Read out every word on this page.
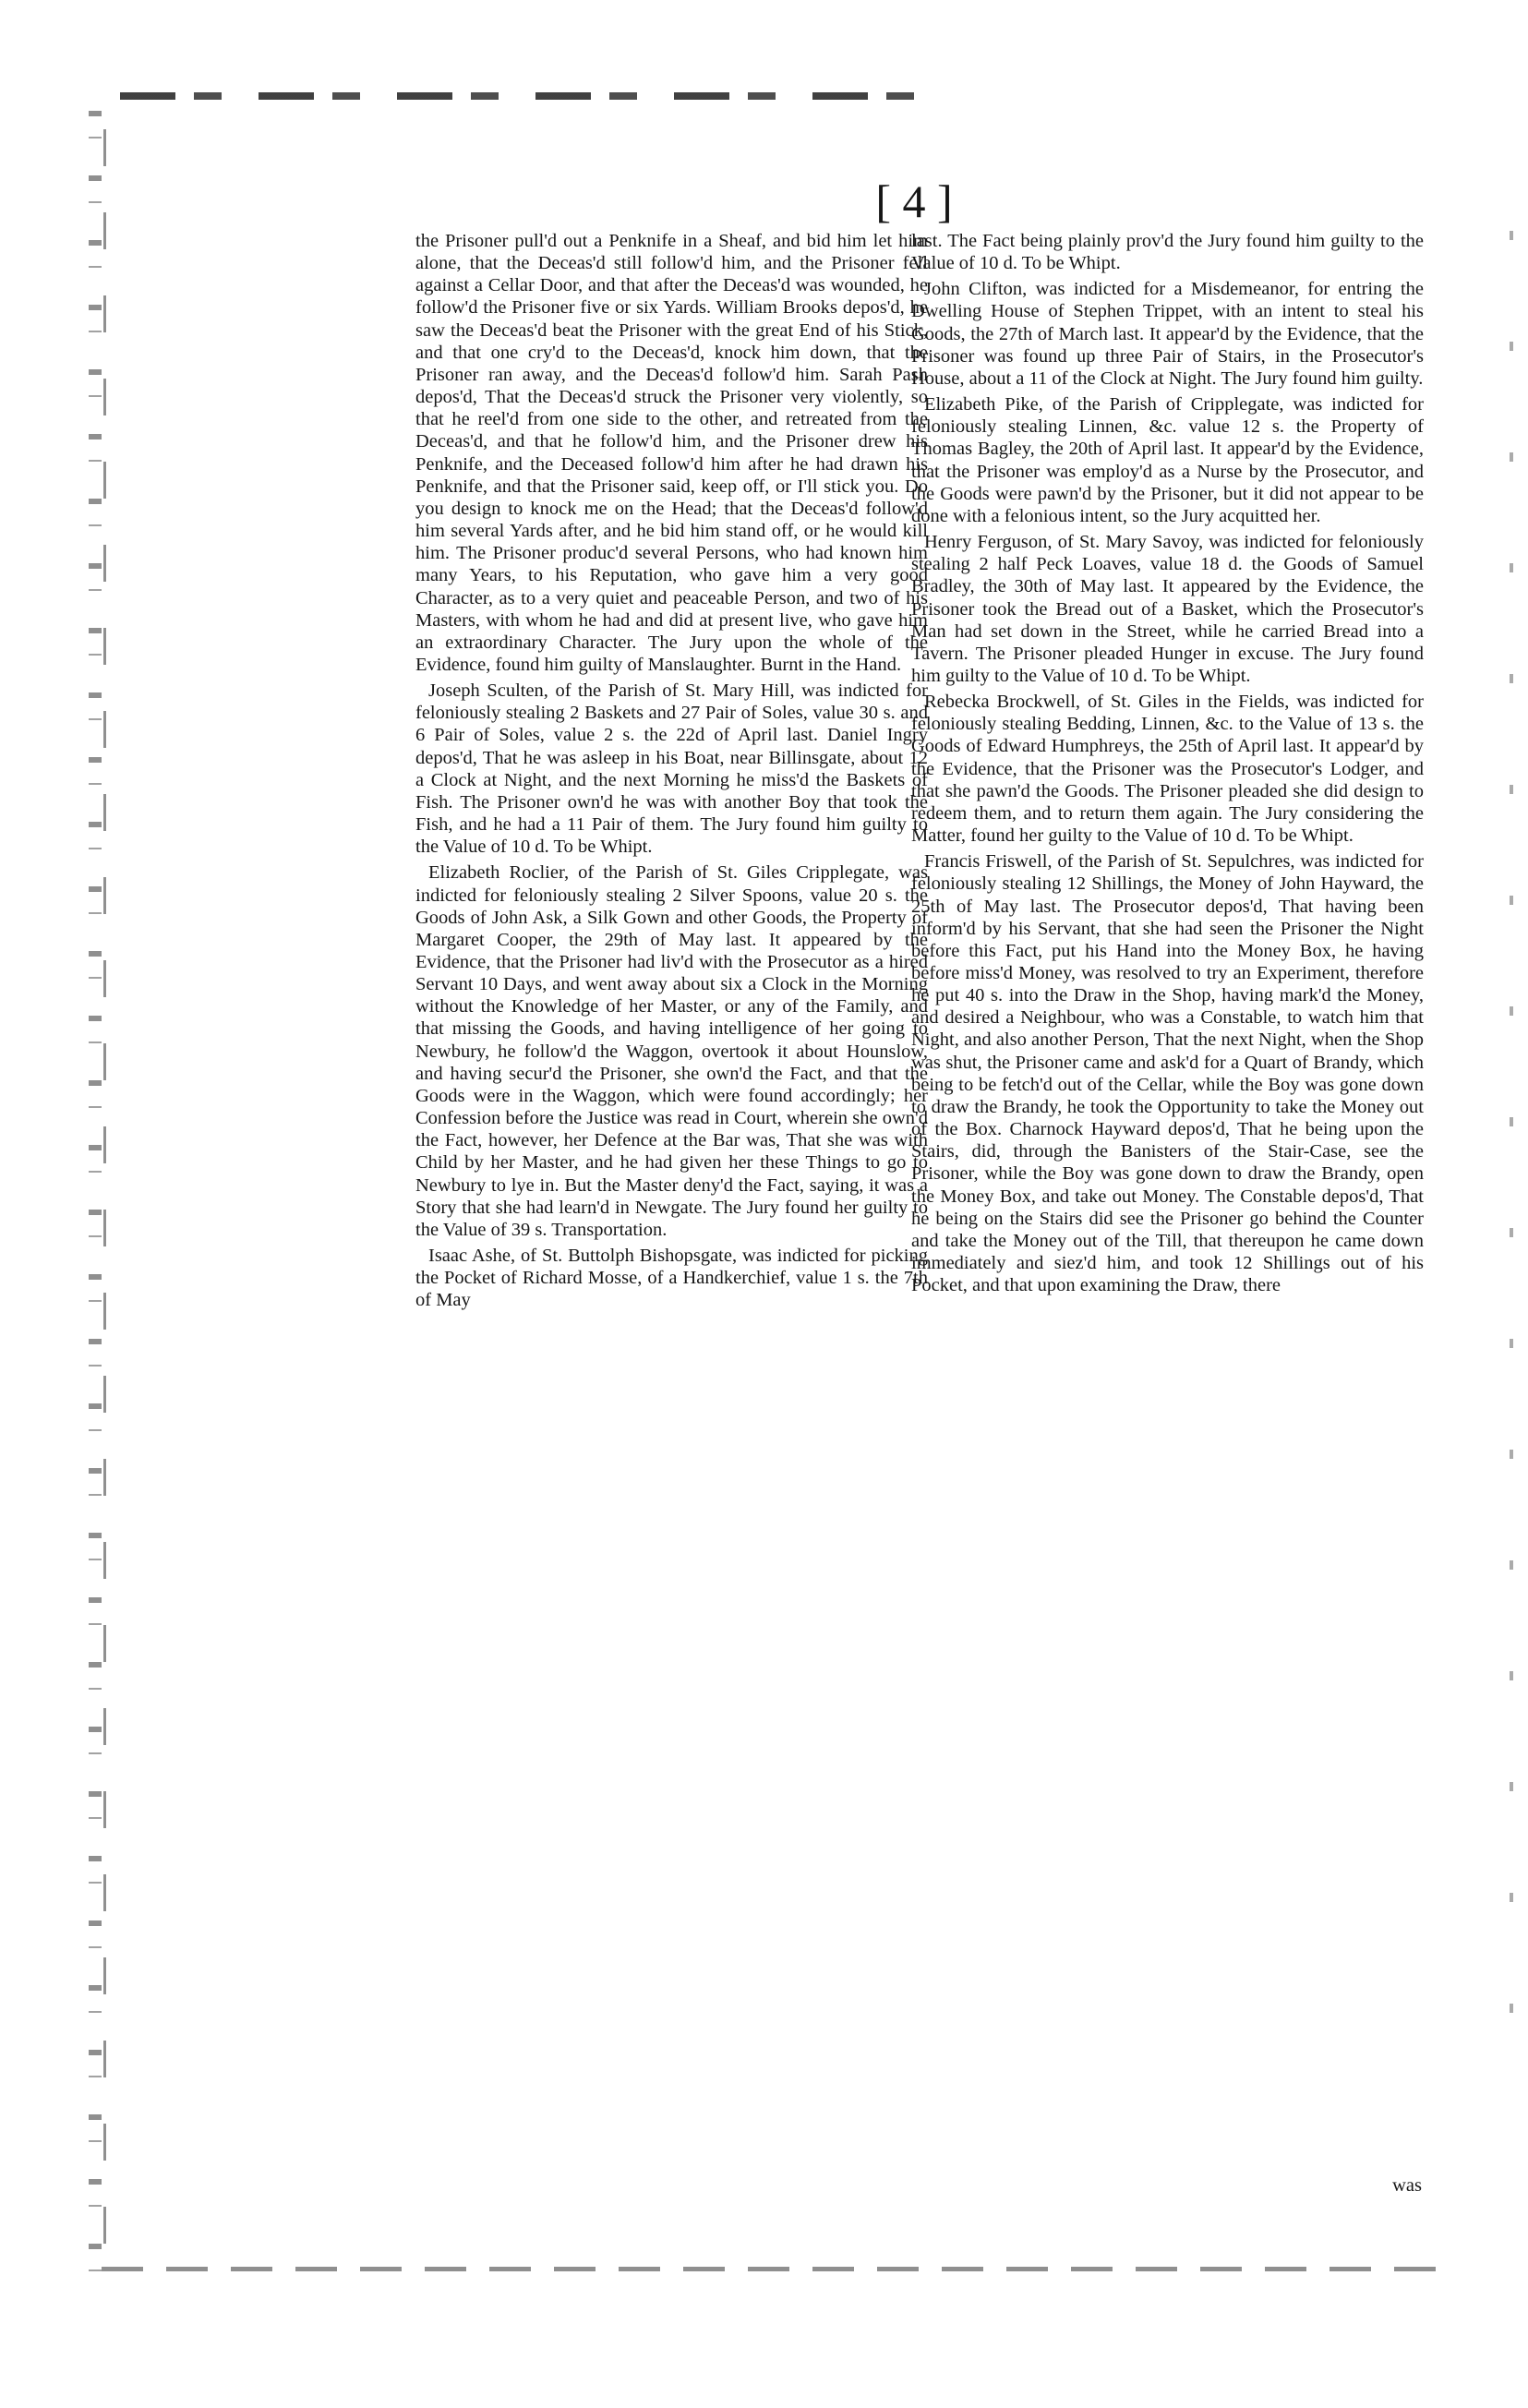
[ 4 ]

the Prisoner pull'd out a Penknife in a Sheaf, and bid him let him alone, that the Deceas'd still follow'd him, and the Prisoner fell against a Cellar Door, and that after the Deceas'd was wounded, he follow'd the Prisoner five or six Yards. William Brooks depos'd, he saw the Deceas'd beat the Prisoner with the great End of his Stick, and that one cry'd to the Deceas'd, knock him down, that the Prisoner ran away, and the Deceas'd follow'd him. Sarah Pash depos'd, That the Deceas'd struck the Prisoner very violently, so that he reel'd from one side to the other, and retreated from the Deceas'd, and that he follow'd him, and the Prisoner drew his Penknife, and the Deceased follow'd him after he had drawn his Penknife, and that the Prisoner said, keep off, or I'll stick you. Do you design to knock me on the Head; that the Deceas'd follow'd him several Yards after, and he bid him stand off, or he would kill him. The Prisoner produc'd several Persons, who had known him many Years, to his Reputation, who gave him a very good Character, as to a very quiet and peaceable Person, and two of his Masters, with whom he had and did at present live, who gave him an extraordinary Character. The Jury upon the whole of the Evidence, found him guilty of Manslaughter. Burnt in the Hand.

Joseph Sculten, of the Parish of St. Mary Hill, was indicted for feloniously stealing 2 Baskets and 27 Pair of Soles, value 30 s. and 6 Pair of Soles, value 2 s. the 22d of April last. Daniel Ingry depos'd, That he was asleep in his Boat, near Billinsgate, about 12 a Clock at Night, and the next Morning he miss'd the Baskets of Fish. The Prisoner own'd he was with another Boy that took the Fish, and he had a 11 Pair of them. The Jury found him guilty to the Value of 10 d. To be Whipt.

Elizabeth Roclier, of the Parish of St. Giles Cripplegate, was indicted for feloniously stealing 2 Silver Spoons, value 20 s. the Goods of John Ask, a Silk Gown and other Goods, the Property of Margaret Cooper, the 29th of May last. It appeared by the Evidence, that the Prisoner had liv'd with the Prosecutor as a hired Servant 10 Days, and went away about six a Clock in the Morning without the Knowledge of her Master, or any of the Family, and that missing the Goods, and having intelligence of her going to Newbury, he follow'd the Waggon, overtook it about Hounslow, and having secur'd the Prisoner, she own'd the Fact, and that the Goods were in the Waggon, which were found accordingly; her Confession before the Justice was read in Court, wherein she own'd the Fact, however, her Defence at the Bar was, That she was with Child by her Master, and he had given her these Things to go to Newbury to lye in. But the Master deny'd the Fact, saying, it was a Story that she had learn'd in Newgate. The Jury found her guilty to the Value of 39 s. Transportation.

Isaac Ashe, of St. Buttolph Bishopsgate, was indicted for picking the Pocket of Richard Mosse, of a Handkerchief, value 1 s. the 7th of May

last. The Fact being plainly prov'd the Jury found him guilty to the Value of 10 d. To be Whipt.

John Clifton, was indicted for a Misdemeanor, for entring the Dwelling House of Stephen Trippet, with an intent to steal his Goods, the 27th of March last. It appear'd by the Evidence, that the Prisoner was found up three Pair of Stairs, in the Prosecutor's House, about a 11 of the Clock at Night. The Jury found him guilty.

Elizabeth Pike, of the Parish of Cripplegate, was indicted for feloniously stealing Linnen, &c. value 12 s. the Property of Thomas Bagley, the 20th of April last. It appear'd by the Evidence, that the Prisoner was employ'd as a Nurse by the Prosecutor, and the Goods were pawn'd by the Prisoner, but it did not appear to be done with a felonious intent, so the Jury acquitted her.

Henry Ferguson, of St. Mary Savoy, was indicted for feloniously stealing 2 half Peck Loaves, value 18 d. the Goods of Samuel Bradley, the 30th of May last. It appeared by the Evidence, the Prisoner took the Bread out of a Basket, which the Prosecutor's Man had set down in the Street, while he carried Bread into a Tavern. The Prisoner pleaded Hunger in excuse. The Jury found him guilty to the Value of 10 d. To be Whipt.

Rebecka Brockwell, of St. Giles in the Fields, was indicted for feloniously stealing Bedding, Linnen, &c. to the Value of 13 s. the Goods of Edward Humphreys, the 25th of April last. It appear'd by the Evidence, that the Prisoner was the Prosecutor's Lodger, and that she pawn'd the Goods. The Prisoner pleaded she did design to redeem them, and to return them again. The Jury considering the Matter, found her guilty to the Value of 10 d. To be Whipt.

Francis Friswell, of the Parish of St. Sepulchres, was indicted for feloniously stealing 12 Shillings, the Money of John Hayward, the 25th of May last. The Prosecutor depos'd, That having been inform'd by his Servant, that she had seen the Prisoner the Night before this Fact, put his Hand into the Money Box, he having before miss'd Money, was resolved to try an Experiment, therefore he put 40 s. into the Draw in the Shop, having mark'd the Money, and desired a Neighbour, who was a Constable, to watch him that Night, and also another Person, That the next Night, when the Shop was shut, the Prisoner came and ask'd for a Quart of Brandy, which being to be fetch'd out of the Cellar, while the Boy was gone down to draw the Brandy, he took the Opportunity to take the Money out of the Box. Charnock Hayward depos'd, That he being upon the Stairs, did, through the Banisters of the Stair-Case, see the Prisoner, while the Boy was gone down to draw the Brandy, open the Money Box, and take out Money. The Constable depos'd, That he being on the Stairs did see the Prisoner go behind the Counter and take the Money out of the Till, that thereupon he came down immediately and siez'd him, and took 12 Shillings out of his Pocket, and that upon examining the Draw, there

was
